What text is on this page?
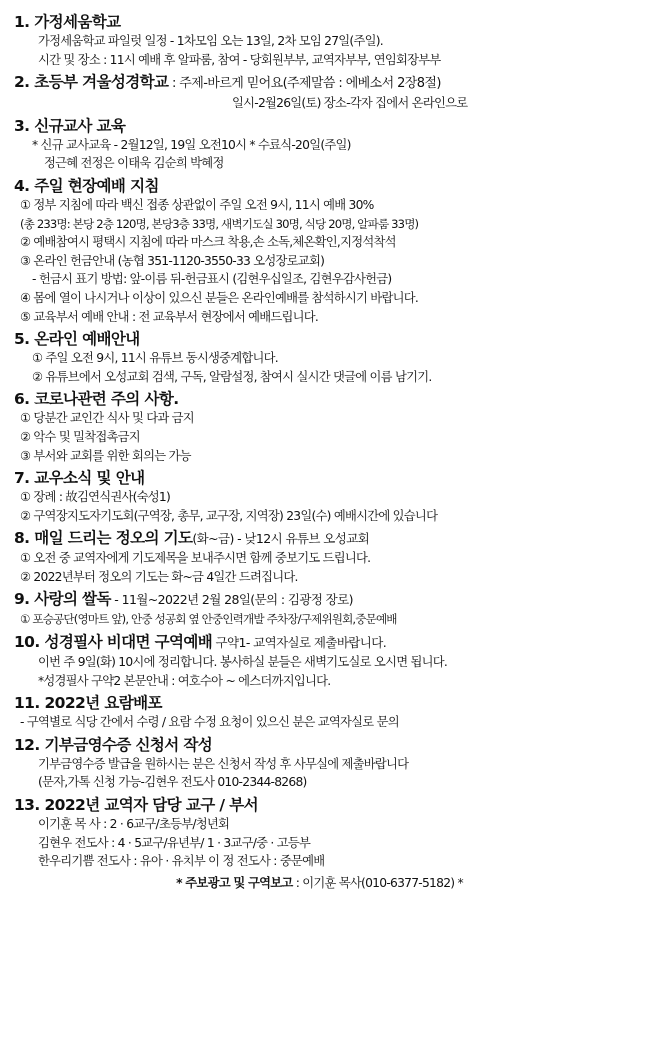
1. 가정세움학교
가정세움학교 파일럿 일정 - 1차모임 오는 13일, 2차 모임 27일(주일).
시간 및 장소 : 11시 예배 후 알파룸, 참여 - 당회원부부, 교역자부부, 연임회장부부
2. 초등부 겨울성경학교 : 주제-바르게 믿어요(주제말씀 : 에베소서 2장8절)
일시-2월26일(토) 장소-각자 집에서 온라인으로
3. 신규교사 교육
* 신규 교사교육 - 2월12일, 19일 오전10시 * 수료식-20일(주일)
정근혜 전정은 이태욱 김순희 박혜정
4. 주일 현장예배 지침
① 정부 지침에 따라 백신 접종 상관없이 주일 오전 9시, 11시 예배 30%
(총 233명: 본당 2층 120명, 본당3층 33명, 새벽기도실 30명, 식당 20명, 알파룸 33명)
② 예배참여시 평택시 지침에 따라 마스크 착용,손 소독,체온확인,지정석착석
③ 온라인 헌금안내 (농협 351-1120-3550-33 오성장로교회)
- 헌금시 표기 방법: 앞-이름 뒤-헌금표시 (김현우십일조, 김현우감사헌금)
④ 몸에 열이 나시거나 이상이 있으신 분들은 온라인예배를 참석하시기 바랍니다.
⑤ 교육부서 예배 안내 : 전 교육부서 현장에서 예배드립니다.
5. 온라인 예배안내
① 주일 오전 9시, 11시 유튜브 동시생중계합니다.
② 유튜브에서 오성교회 검색, 구독, 알람설정, 참여시 실시간 댓글에 이름 남기기.
6. 코로나관련 주의 사항.
① 당분간 교인간 식사 및 다과 금지
② 악수 및 밀착접촉금지
③ 부서와 교회를 위한 회의는 가능
7. 교우소식 및 안내
① 장례 : 故김연식권사(숙성1)
② 구역장지도자기도회(구역장, 총무, 교구장, 지역장) 23일(수) 예배시간에 있습니다
8. 매일 드리는 정오의 기도(화~금) - 낮12시 유튜브 오성교회
① 오전 중 교역자에게 기도제목을 보내주시면 함께 중보기도 드립니다.
② 2022년부터 정오의 기도는 화~금 4일간 드려집니다.
9. 사랑의 쌀독 - 11월~2022년 2월 28일(문의 : 김광정 장로)
① 포승공단(영마트 앞), 안중 성공회 옆 안중인력개발 주차장/구제위원회,중문예배
10. 성경필사 비대면 구역예배 구약1- 교역자실로 제출바랍니다.
이번 주 9일(화) 10시에 정리합니다. 봉사하실 분들은 새벽기도실로 오시면 됩니다.
*성경필사 구약2 본문안내 : 여호수아 ~ 에스더까지입니다.
11. 2022년 요람배포
- 구역별로 식당 간에서 수령 / 요람 수정 요청이 있으신 분은 교역자실로 문의
12. 기부금영수증 신청서 작성
기부금영수증 발급을 원하시는 분은 신청서 작성 후 사무실에 제출바랍니다
(문자,가톡 신청 가능-김현우 전도사 010-2344-8268)
13. 2022년 교역자 담당 교구 / 부서
이기훈 목 사 : 2 · 6교구/초등부/청년회
김현우 전도사 : 4 · 5교구/유년부/ 1 · 3교구/중 · 고등부
한우리기쁨 전도사 : 유아 · 유치부 이 정 전도사 : 중문예배
* 주보광고 및 구역보고 : 이기훈 목사(010-6377-5182) *
